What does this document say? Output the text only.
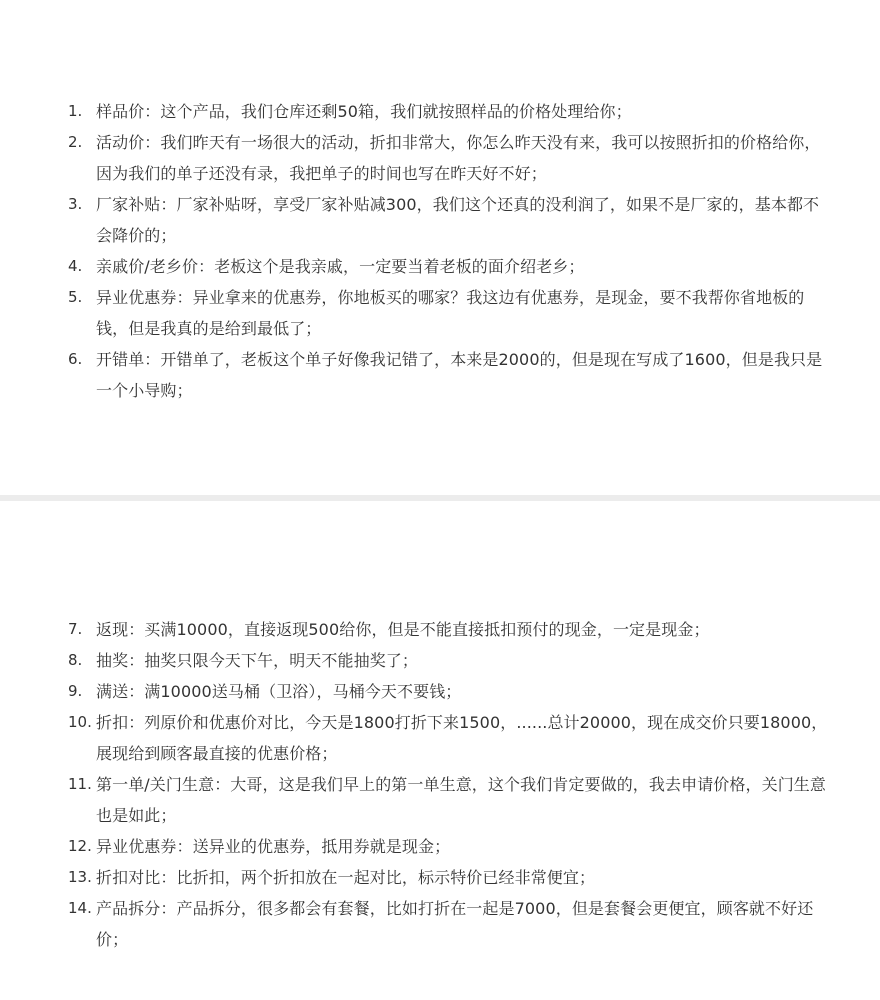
1. 样品价：这个产品，我们仓库还剩50箱，我们就按照样品的价格处理给你；
2. 活动价：我们昨天有一场很大的活动，折扣非常大，你怎么昨天没有来，我可以按照折扣的价格给你，因为我们的单子还没有录，我把单子的时间也写在昨天好不好；
3. 厂家补贴：厂家补贴呀，享受厂家补贴减300，我们这个还真的没利润了，如果不是厂家的，基本都不会降价的；
4. 亲戚价/老乡价：老板这个是我亲戚，一定要当着老板的面介绍老乡；
5. 异业优惠券：异业拿来的优惠券，你地板买的哪家？我这边有优惠券，是现金，要不我帮你省地板的钱，但是我真的是给到最低了；
6. 开错单：开错单了，老板这个单子好像我记错了，本来是2000的，但是现在写成了1600，但是我只是一个小导购；
7. 返现：买满10000，直接返现500给你，但是不能直接抵扣预付的现金，一定是现金；
8. 抽奖：抽奖只限今天下午，明天不能抽奖了；
9. 满送：满10000送马桶（卫浴），马桶今天不要钱；
10. 折扣：列原价和优惠价对比，今天是1800打折下来1500，......总计20000，现在成交价只要18000，展现给到顾客最直接的优惠价格；
11. 第一单/关门生意：大哥，这是我们早上的第一单生意，这个我们肯定要做的，我去申请价格，关门生意也是如此；
12. 异业优惠券：送异业的优惠券，抵用券就是现金；
13. 折扣对比：比折扣，两个折扣放在一起对比，标示特价已经非常便宜；
14. 产品拆分：产品拆分，很多都会有套餐，比如打折在一起是7000，但是套餐会更便宜，顾客就不好还价；
